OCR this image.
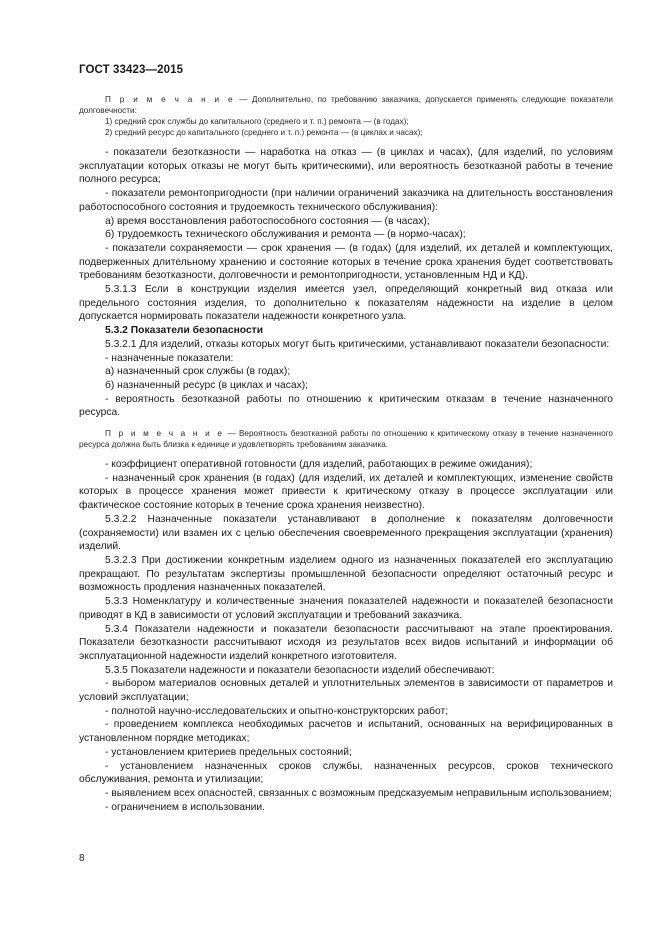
ГОСТ 33423—2015

П р и м е ч а н и е — Дополнительно, по требованию заказчика, допускается применять следующие показатели долговечности:

1) средний срок службы до капитального (среднего и т. п.) ремонта — (в годах);

2) средний ресурс до капитального (среднего и т. п.) ремонта — (в циклах и часах);

- показатели безотказности — наработка на отказ — (в циклах и часах), (для изделий, по условиям эксплуатации которых отказы не могут быть критическими), или вероятность безотказной работы в течение полного ресурса;

- показатели ремонтопригодности (при наличии ограничений заказчика на длительность восстановления работоспособного состояния и трудоемкость технического обслуживания):

а) время восстановления работоспособного состояния — (в часах);

б) трудоемкость технического обслуживания и ремонта — (в нормо-часах);

- показатели сохраняемости — срок хранения — (в годах) (для изделий, их деталей и комплектующих, подверженных длительному хранению и состояние которых в течение срока хранения будет соответствовать требованиям безотказности, долговечности и ремонтопригодности, установленным НД и КД).

5.3.1.3 Если в конструкции изделия имеется узел, определяющий конкретный вид отказа или предельного состояния изделия, то дополнительно к показателям надежности на изделие в целом допускается нормировать показатели надежности конкретного узла.

5.3.2 Показатели безопасности

5.3.2.1 Для изделий, отказы которых могут быть критическими, устанавливают показатели безопасности:

- назначенные показатели:

а) назначенный срок службы (в годах);

б) назначенный ресурс (в циклах и часах);

- вероятность безотказной работы по отношению к критическим отказам в течение назначенного ресурса.

П р и м е ч а н и е — Вероятность безотказной работы по отношению к критическому отказу в течение назначенного ресурса должна быть близка к единице и удовлетворять требованиям заказчика.

- коэффициент оперативной готовности (для изделий, работающих в режиме ожидания);

- назначенный срок хранения (в годах) (для изделий, их деталей и комплектующих, изменение свойств которых в процессе хранения может привести к критическому отказу в процессе эксплуатации или фактическое состояние которых в течение срока хранения неизвестно).

5.3.2.2 Назначенные показатели устанавливают в дополнение к показателям долговечности (сохраняемости) или взамен их с целью обеспечения своевременного прекращения эксплуатации (хранения) изделий.

5.3.2.3 При достижении конкретным изделием одного из назначенных показателей его эксплуатацию прекращают. По результатам экспертизы промышленной безопасности определяют остаточный ресурс и возможность продления назначенных показателей.

5.3.3 Номенклатуру и количественные значения показателей надежности и показателей безопасности приводят в КД в зависимости от условий эксплуатации и требований заказчика.

5.3.4 Показатели надежности и показатели безопасности рассчитывают на этапе проектирования. Показатели безотказности рассчитывают исходя из результатов всех видов испытаний и информации об эксплуатационной надежности изделий конкретного изготовителя.

5.3.5 Показатели надежности и показатели безопасности изделий обеспечивают:

- выбором материалов основных деталей и уплотнительных элементов в зависимости от параметров и условий эксплуатации;

- полнотой научно-исследовательских и опытно-конструкторских работ;

- проведением комплекса необходимых расчетов и испытаний, основанных на верифицированных в установленном порядке методиках;

- установлением критериев предельных состояний;

- установлением назначенных сроков службы, назначенных ресурсов, сроков технического обслуживания, ремонта и утилизации;

- выявлением всех опасностей, связанных с возможным предсказуемым неправильным использованием;

- ограничением в использовании.

8
